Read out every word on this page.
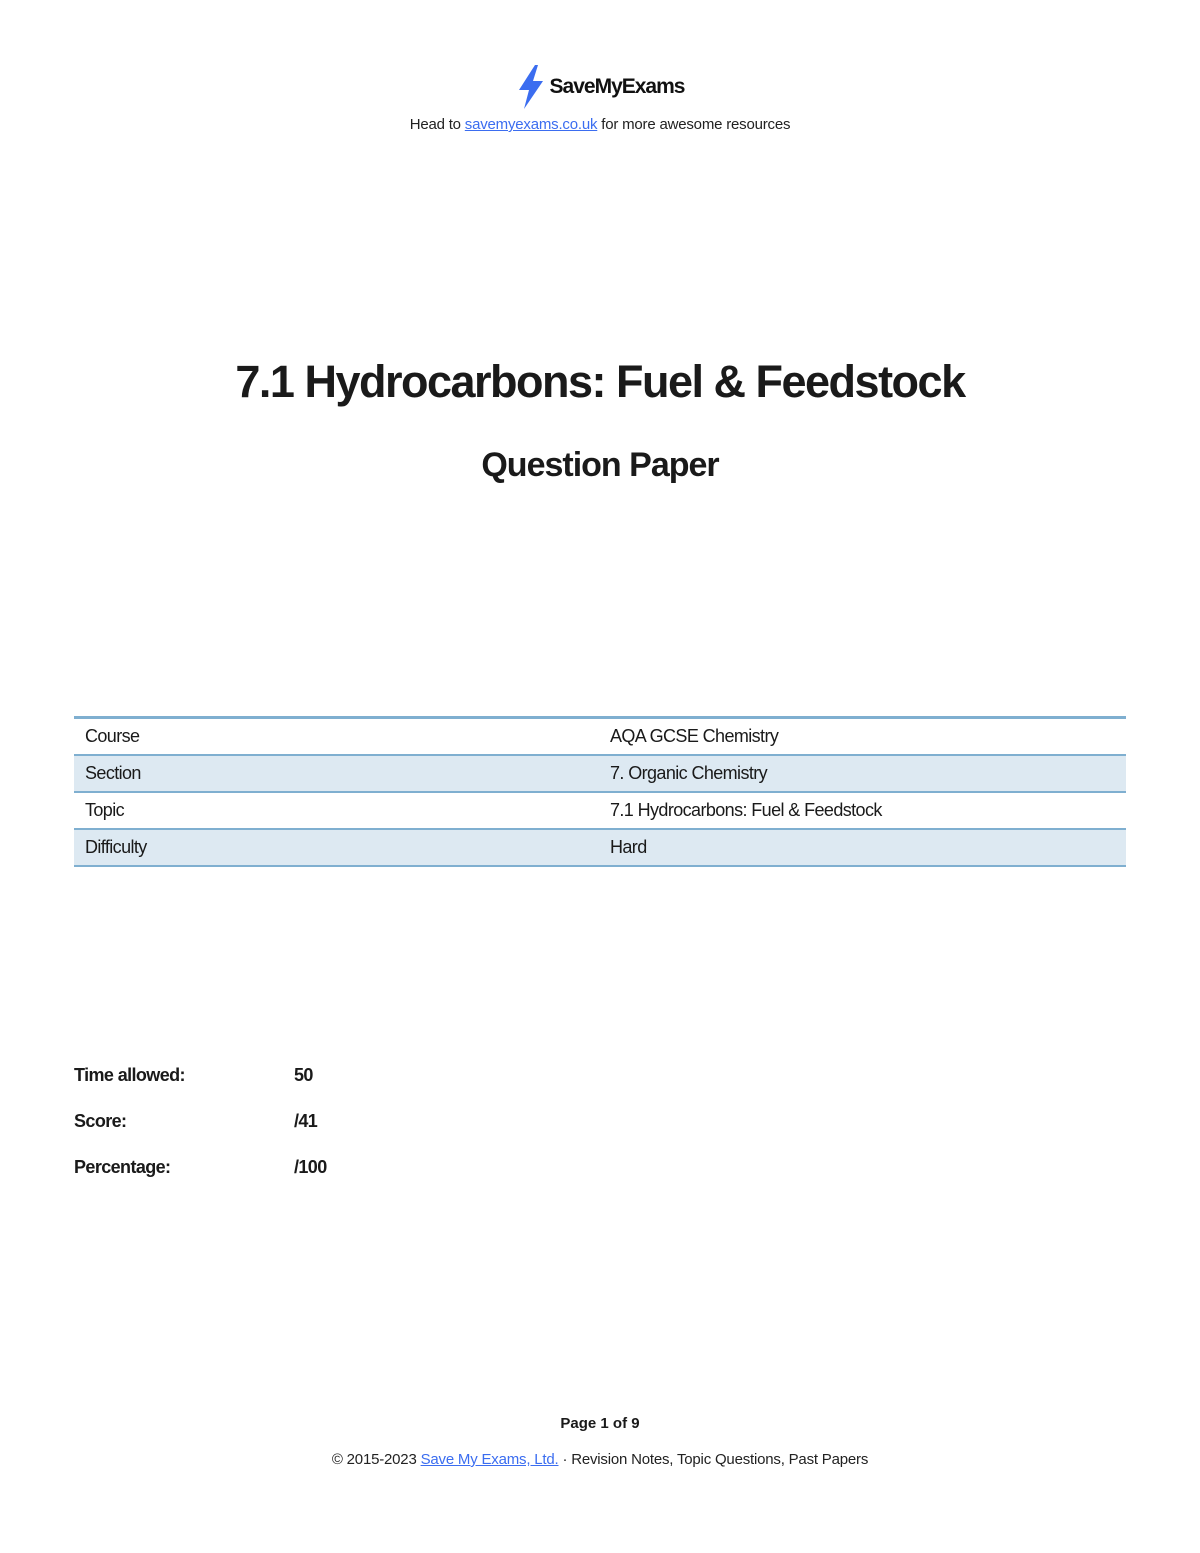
SaveMyExams
Head to savemyexams.co.uk for more awesome resources
7.1 Hydrocarbons: Fuel & Feedstock
Question Paper
Course	AQA GCSE Chemistry
Section	7. Organic Chemistry
Topic	7.1 Hydrocarbons: Fuel & Feedstock
Difficulty	Hard
Time allowed:	50
Score:	/41
Percentage:	/100
Page 1 of 9
© 2015-2023 Save My Exams, Ltd. · Revision Notes, Topic Questions, Past Papers
